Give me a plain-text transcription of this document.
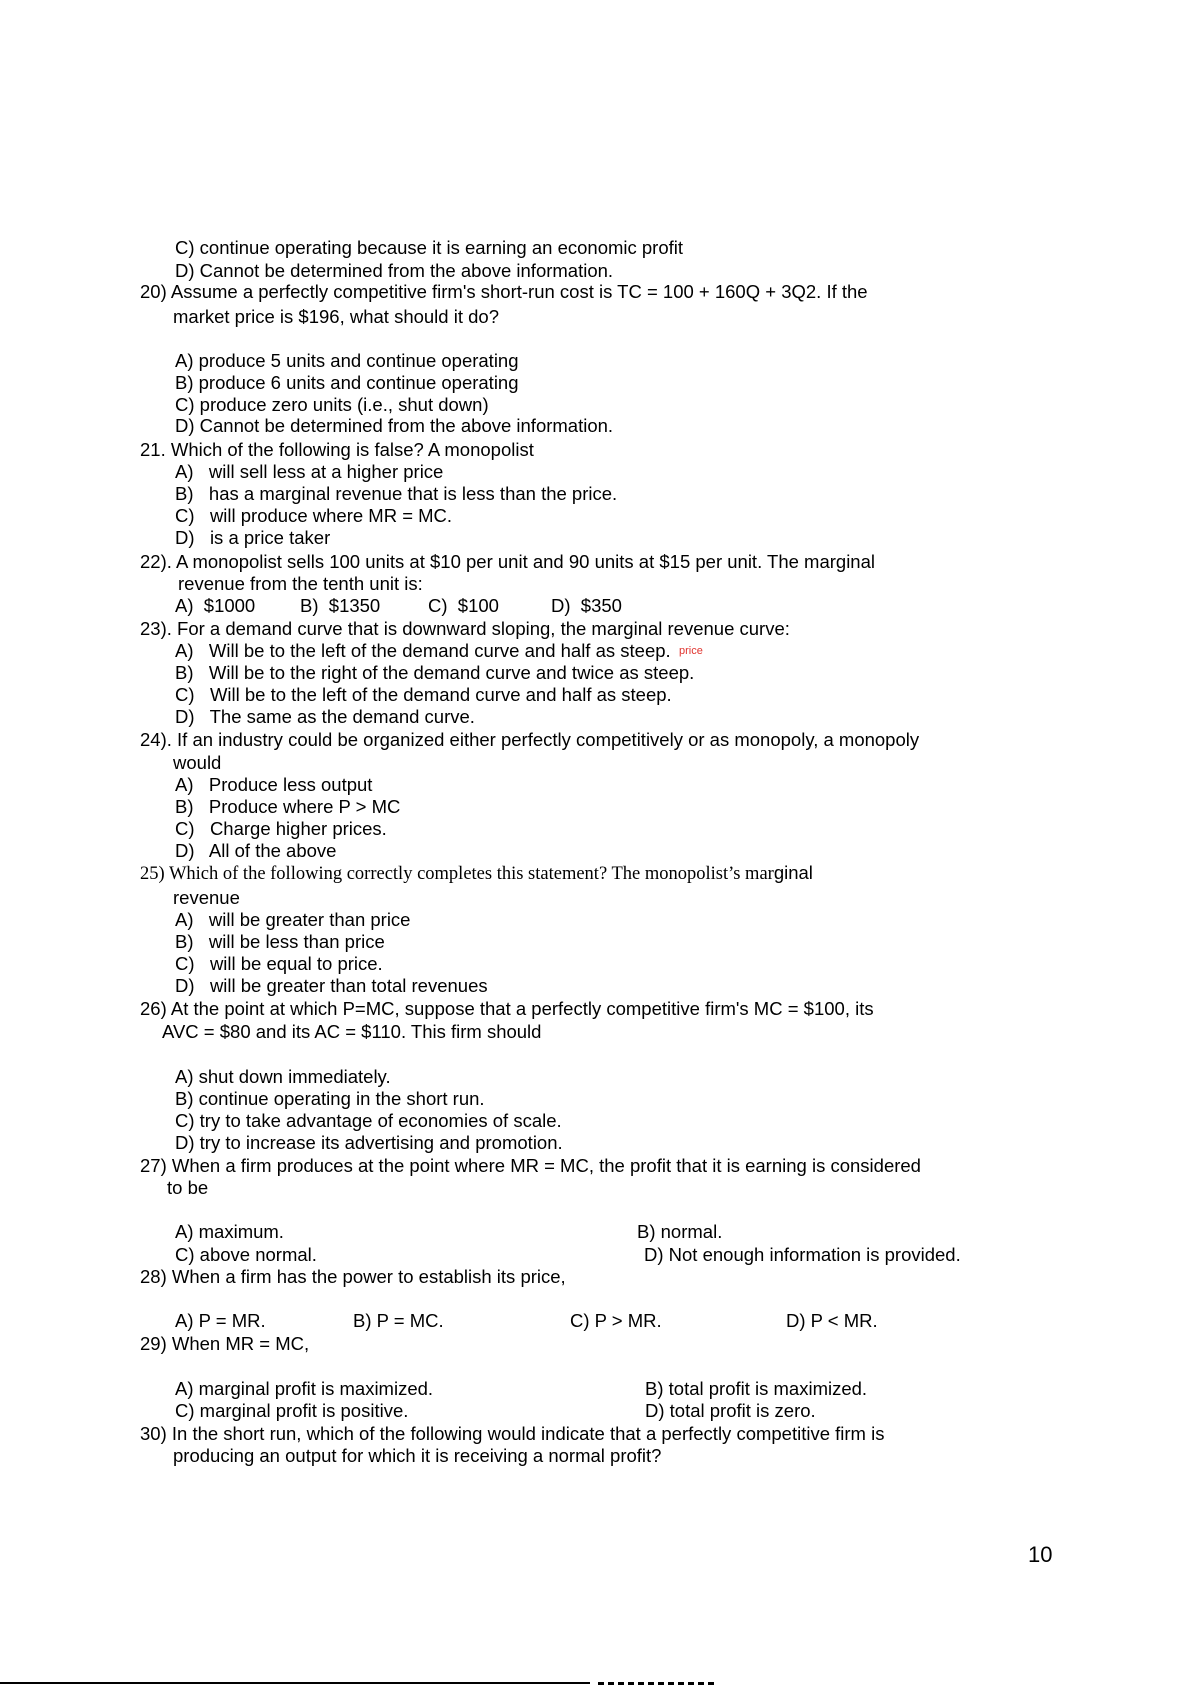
C) continue operating because it is earning an economic profit
D) Cannot be determined from the above information.
20) Assume a perfectly competitive firm's short-run cost is TC = 100 + 160Q + 3Q2. If the
market price is $196, what should it do?
A) produce 5 units and continue operating
B) produce 6 units and continue operating
C) produce zero units (i.e., shut down)
D) Cannot be determined from the above information.
21. Which of the following is false? A monopolist
A)   will sell less at a higher price
B)   has a marginal revenue that is less than the price.
C)   will produce where MR = MC.
D)   is a price taker
22). A monopolist sells 100 units at $10 per unit and 90 units at $15 per unit. The marginal
revenue from the tenth unit is:
A)  $1000 B)  $1350	C)  $100	D)  $350
23). For a demand curve that is downward sloping, the marginal revenue curve:
A)   Will be to the left of the demand curve and half as steep. price
B)   Will be to the right of the demand curve and twice as steep.
C)   Will be to the left of the demand curve and half as steep.
D)   The same as the demand curve.
24). If an industry could be organized either perfectly competitively or as monopoly, a monopoly
would
A)   Produce less output
B)   Produce where P > MC
C)   Charge higher prices.
D)   All of the above
25) Which of the following correctly completes this statement? The monopolist’s marginal
revenue
A)   will be greater than price
B)   will be less than price
C)   will be equal to price.
D)   will be greater than total revenues
26) At the point at which P=MC, suppose that a perfectly competitive firm's MC = $100, its
AVC = $80 and its AC = $110. This firm should
A) shut down immediately.
B) continue operating in the short run.
C) try to take advantage of economies of scale.
D) try to increase its advertising and promotion.
27) When a firm produces at the point where MR = MC, the profit that it is earning is considered
to be
A) maximum.	B) normal.
C) above normal.	D) Not enough information is provided.
28) When a firm has the power to establish its price,
A) P = MR.	B) P = MC.	C) P > MR.	D) P < MR.
29) When MR = MC,
A) marginal profit is maximized.	B) total profit is maximized.
C) marginal profit is positive.	D) total profit is zero.
30) In the short run, which of the following would indicate that a perfectly competitive firm is
producing an output for which it is receiving a normal profit?
10
